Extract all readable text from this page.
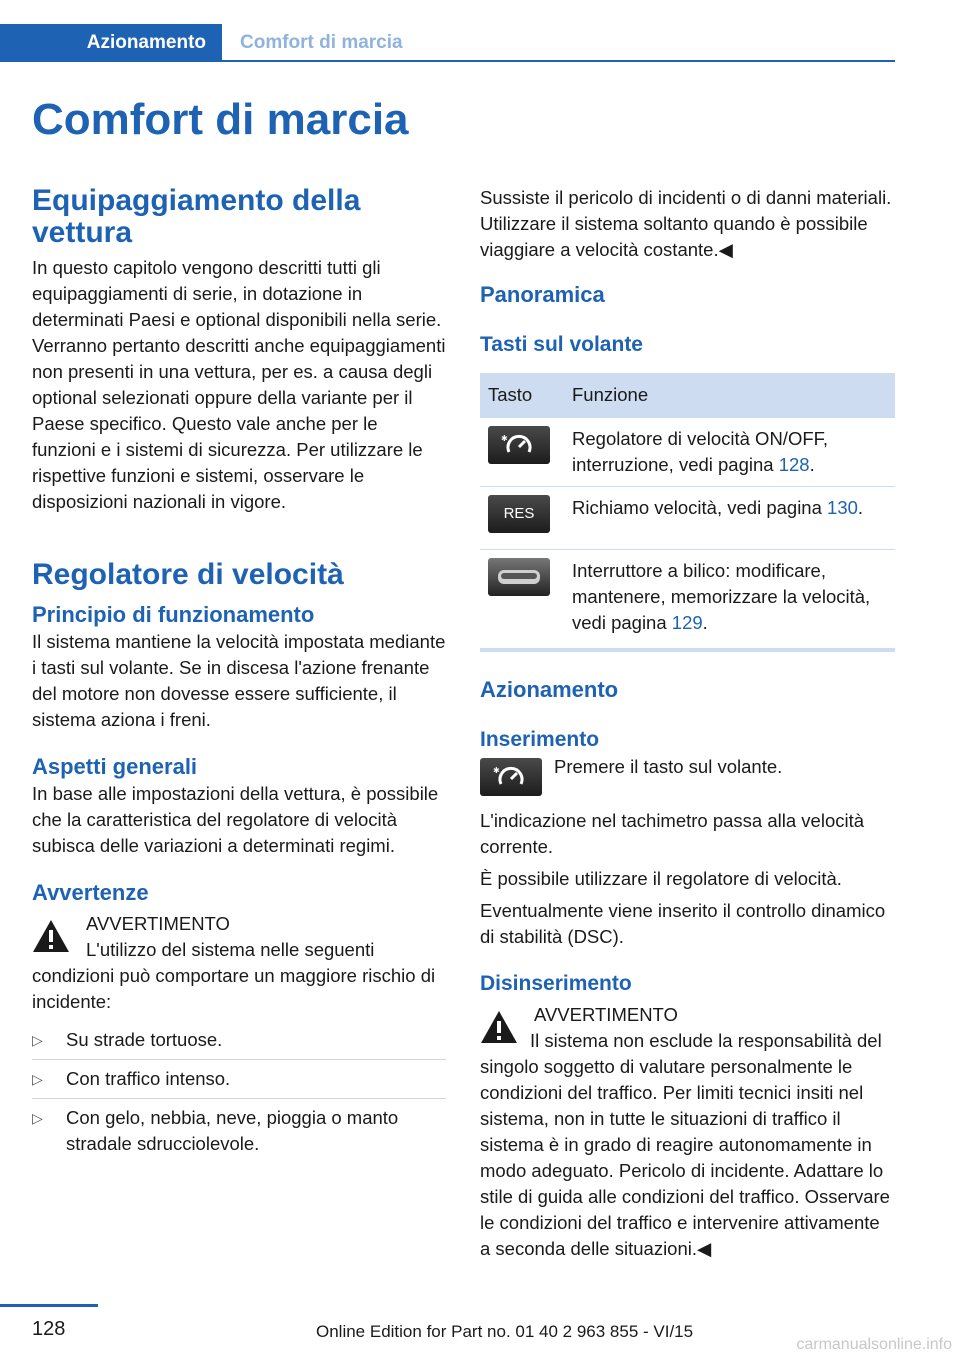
Azionamento Comfort di marcia
Comfort di marcia
Equipaggiamento della vettura

In questo capitolo vengono descritti tutti gli equipaggiamenti di serie, in dotazione in determinati Paesi e optional disponibili nella serie. Verranno pertanto descritti anche equipaggiamenti non presenti in una vettura, per es. a causa degli optional selezionati oppure della variante per il Paese specifico. Questo vale anche per le funzioni e i sistemi di sicurezza. Per utilizzare le rispettive funzioni e sistemi, osservare le disposizioni nazionali in vigore.

Regolatore di velocità
Principio di funzionamento

Il sistema mantiene la velocità impostata mediante i tasti sul volante. Se in discesa l'azione frenante del motore non dovesse essere sufficiente, il sistema aziona i freni.

Aspetti generali

In base alle impostazioni della vettura, è possibile che la caratteristica del regolatore di velocità subisca delle variazioni a determinati regimi.

Avvertenze
AVVERTIMENTO

L'utilizzo del sistema nelle seguenti condizioni può comportare un maggiore rischio di incidente:

▷ Su strade tortuose.
▷ Con traffico intenso.
▷ Con gelo, nebbia, neve, pioggia o manto stradale sdrucciolevole.

Sussiste il pericolo di incidenti o di danni materiali. Utilizzare il sistema soltanto quando è possibile viaggiare a velocità costante.◀

Panoramica
Tasti sul volante
Tasto	Funzione

✱	Regolatore di velocità ON/OFF, interruzione, vedi pagina 128.

RES	Richiamo velocità, vedi pagina 130.

	Interruttore a bilico: modificare, mantenere, memorizzare la velocità, vedi pagina 129.
Azionamento
Inserimento
✱	Premere il tasto sul volante.

L'indicazione nel tachimetro passa alla velocità corrente.

È possibile utilizzare il regolatore di velocità.

Eventualmente viene inserito il controllo dinamico di stabilità (DSC).

Disinserimento
AVVERTIMENTO

Il sistema non esclude la responsabilità del singolo soggetto di valutare personalmente le condizioni del traffico. Per limiti tecnici insiti nel sistema, non in tutte le situazioni di traffico il sistema è in grado di reagire autonomamente in modo adeguato. Pericolo di incidente. Adattare lo stile di guida alle condizioni del traffico. Osservare le condizioni del traffico e intervenire attivamente a seconda delle situazioni.◀

128	Online Edition for Part no. 01 40 2 963 855 - VI/15
carmanualsonline.info
